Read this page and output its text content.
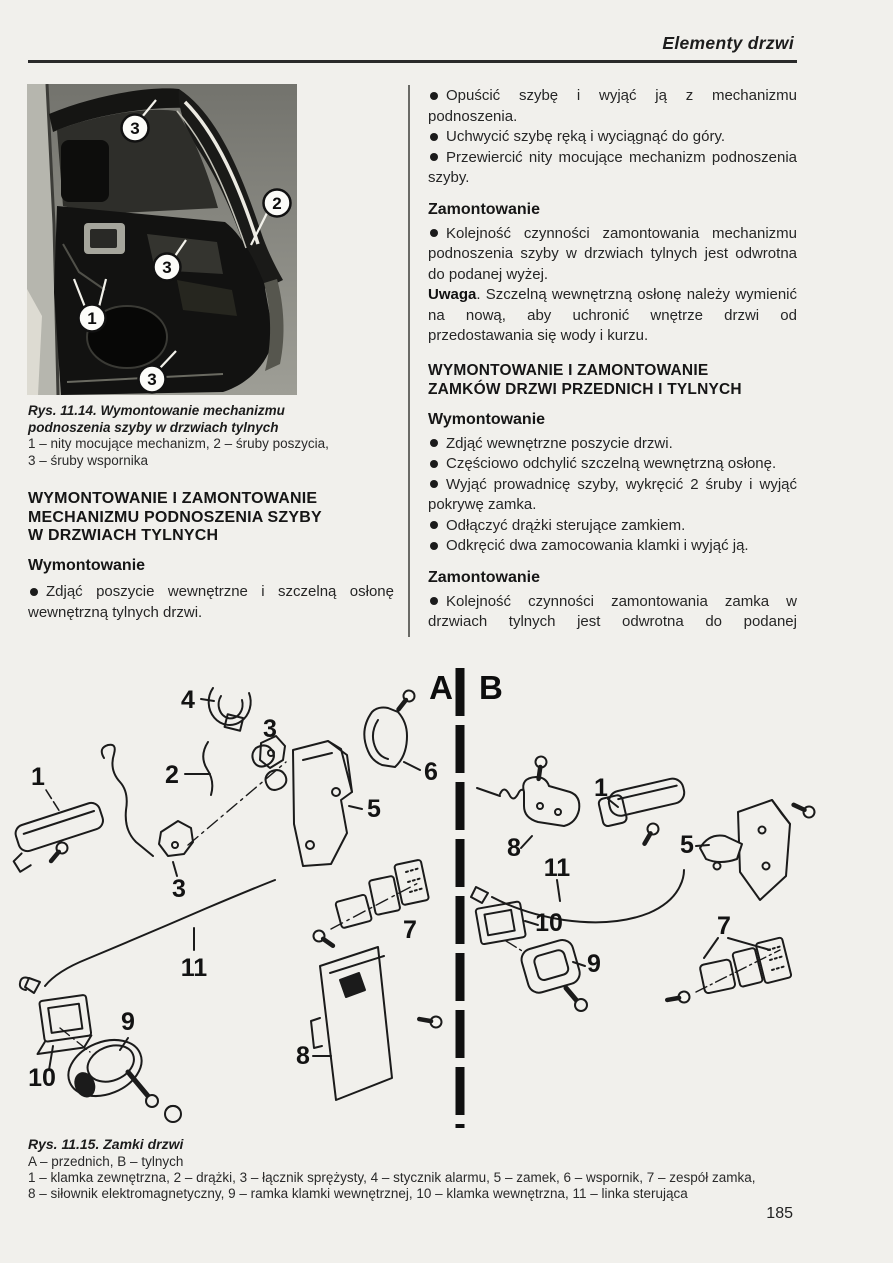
Elementy drzwi
3
2
3
1
3
Rys. 11.14. Wymontowanie mechanizmu
podnoszenia szyby w drzwiach tylnych
1 – nity mocujące mechanizm, 2 – śruby poszycia,
3 – śruby wspornika
WYMONTOWANIE I ZAMONTOWANIE
MECHANIZMU PODNOSZENIA SZYBY
W DRZWIACH TYLNYCH
Wymontowanie

Zdjąć poszycie wewnętrzne i szczelną osłonę wewnętrzną tylnych drzwi.

Opuścić szybę i wyjąć ją z mechanizmu podnoszenia.

Uchwycić szybę ręką i wyciągnąć do góry.

Przewiercić nity mocujące mechanizm podnoszenia szyby.

Zamontowanie

Kolejność czynności zamontowania mechanizmu podnoszenia szyby w drzwiach tylnych jest odwrotna do podanej wyżej.

Uwaga. Szczelną wewnętrzną osłonę należy wymienić na nową, aby uchronić wnętrze drzwi od przedostawania się wody i kurzu.

WYMONTOWANIE I ZAMONTOWANIE
ZAMKÓW DRZWI PRZEDNICH I TYLNYCH
Wymontowanie

Zdjąć wewnętrzne poszycie drzwi.

Częściowo odchylić szczelną wewnętrzną osłonę.

Wyjąć prowadnicę szyby, wykręcić 2 śruby i wyjąć pokrywę zamka.

Odłączyć drążki sterujące zamkiem.

Odkręcić dwa zamocowania klamki i wyjąć ją.

Zamontowanie

Kolejność czynności zamontowania zamka w drzwiach tylnych jest odwrotna do podanej

A B
4
3
2
1	6
5
3
7
11
9
10
8
8
1
5
11
10
9
7
Rys. 11.15. Zamki drzwi
A – przednich, B – tylnych
1 – klamka zewnętrzna, 2 – drążki, 3 – łącznik sprężysty, 4 – stycznik alarmu, 5 – zamek, 6 – wspornik, 7 – zespół zamka,
8 – siłownik elektromagnetyczny, 9 – ramka klamki wewnętrznej, 10 – klamka wewnętrzna, 11 – linka sterująca
185
